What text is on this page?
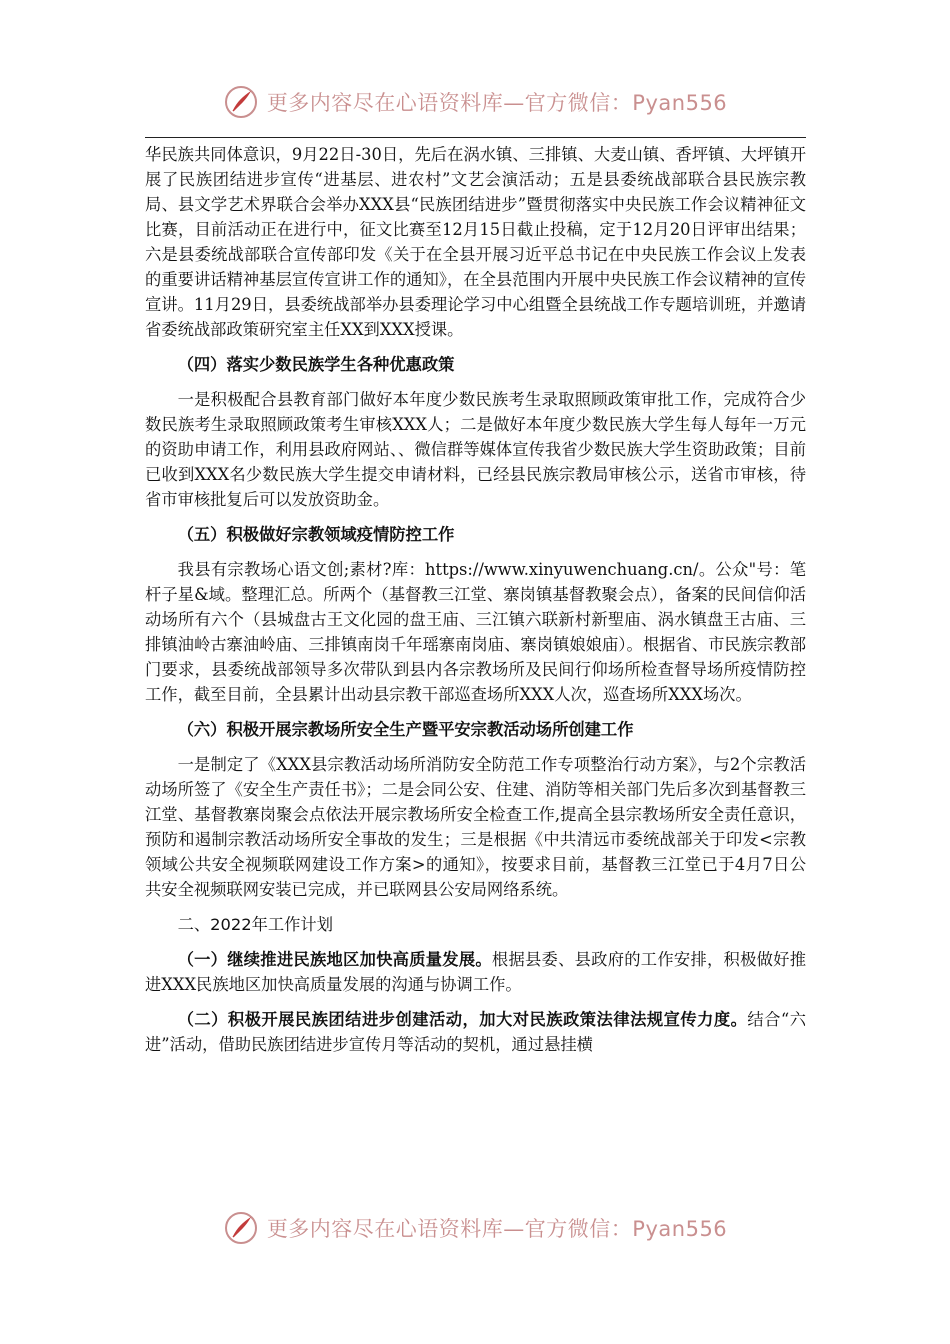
更多内容尽在心语资料库—官方微信：Pyan556

华民族共同体意识，9月22日-30日，先后在涡水镇、三排镇、大麦山镇、香坪镇、大坪镇开展了民族团结进步宣传“进基层、进农村”文艺会演活动；五是县委统战部联合县民族宗教局、县文学艺术界联合会举办XXX县“民族团结进步”暨贯彻落实中央民族工作会议精神征文比赛，目前活动正在进行中，征文比赛至12月15日截止投稿，定于12月20日评审出结果；六是县委统战部联合宣传部印发《关于在全县开展习近平总书记在中央民族工作会议上发表的重要讲话精神基层宣传宣讲工作的通知》，在全县范围内开展中央民族工作会议精神的宣传宣讲。11月29日，县委统战部举办县委理论学习中心组暨全县统战工作专题培训班，并邀请省委统战部政策研究室主任XX到XXX授课。

（四）落实少数民族学生各种优惠政策

一是积极配合县教育部门做好本年度少数民族考生录取照顾政策审批工作，完成符合少数民族考生录取照顾政策考生审核XXX人；二是做好本年度少数民族大学生每人每年一万元的资助申请工作，利用县政府网站、、微信群等媒体宣传我省少数民族大学生资助政策；目前已收到XXX名少数民族大学生提交申请材料，已经县民族宗教局审核公示，送省市审核，待省市审核批复后可以发放资助金。

（五）积极做好宗教领域疫情防控工作

我县有宗教场心语文创;素材?库：https://www.xinyuwenchuang.cn/。公众"号：笔杆子星&域。整理汇总。所两个（基督教三江堂、寨岗镇基督教聚会点），备案的民间信仰活动场所有六个（县城盘古王文化园的盘王庙、三江镇六联新村新聖庙、涡水镇盘王古庙、三排镇油岭古寨油岭庙、三排镇南岗千年瑶寨南岗庙、寨岗镇娘娘庙）。根据省、市民族宗教部门要求，县委统战部领导多次带队到县内各宗教场所及民间行仰场所检查督导场所疫情防控工作，截至目前，全县累计出动县宗教干部巡查场所XXX人次，巡查场所XXX场次。

（六）积极开展宗教场所安全生产暨平安宗教活动场所创建工作

一是制定了《XXX县宗教活动场所消防安全防范工作专项整治行动方案》，与2个宗教活动场所签了《安全生产责任书》；二是会同公安、住建、消防等相关部门先后多次到基督教三江堂、基督教寨岗聚会点依法开展宗教场所安全检查工作,提高全县宗教场所安全责任意识，预防和遏制宗教活动场所安全事故的发生；三是根据《中共清远市委统战部关于印发<宗教领域公共安全视频联网建设工作方案>的通知》，按要求目前，基督教三江堂已于4月7日公共安全视频联网安装已完成，并已联网县公安局网络系统。

二、2022年工作计划

（一）继续推进民族地区加快高质量发展。根据县委、县政府的工作安排，积极做好推进XXX民族地区加快高质量发展的沟通与协调工作。

（二）积极开展民族团结进步创建活动，加大对民族政策法律法规宣传力度。结合“六进”活动，借助民族团结进步宣传月等活动的契机，通过悬挂横

更多内容尽在心语资料库—官方微信：Pyan556
